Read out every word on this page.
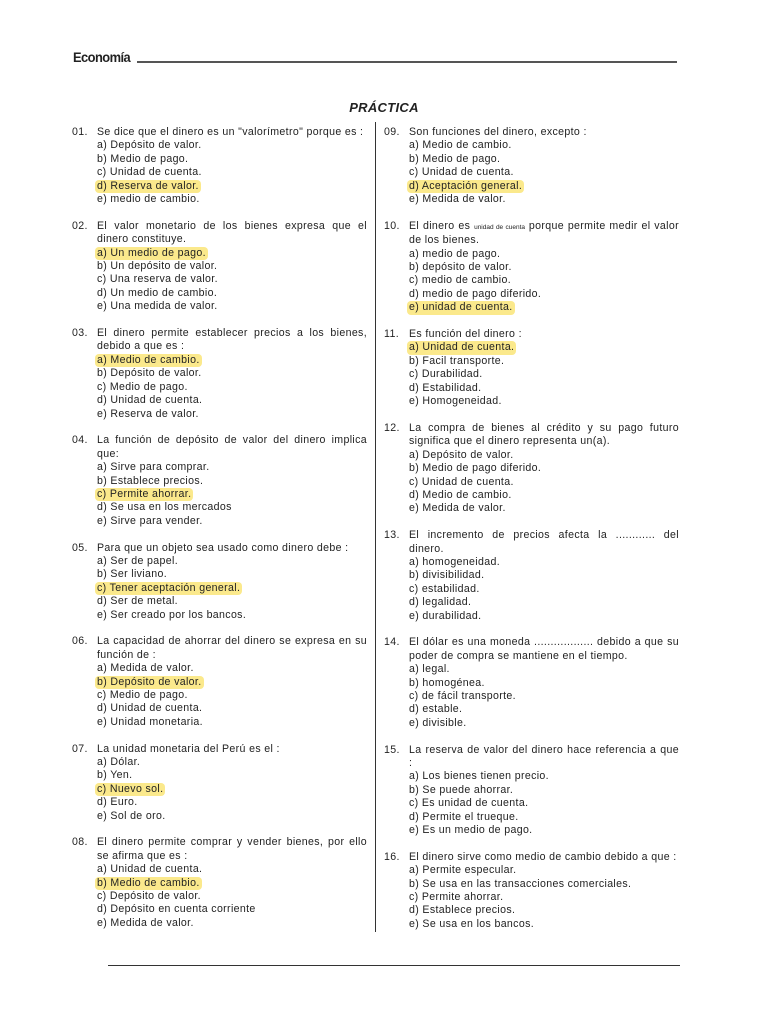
Economía
PRÁCTICA
01. Se dice que el dinero es un "valorímetro" porque es :
a) Depósito de valor.
b) Medio de pago.
c) Unidad de cuenta.
d) Reserva de valor.
e) medio de cambio.
02. El valor monetario de los bienes expresa que el dinero constituye.
a) Un medio de pago.
b) Un depósito de valor.
c) Una reserva de valor.
d) Un medio de cambio.
e) Una medida de valor.
03. El dinero permite establecer precios a los bienes, debido a que es :
a) Medio de cambio.
b) Depósito de valor.
c) Medio de pago.
d) Unidad de cuenta.
e) Reserva de valor.
04. La función de depósito de valor del dinero implica que:
a) Sirve para comprar.
b) Establece precios.
c) Permite ahorrar.
d) Se usa en los mercados
e) Sirve para vender.
05. Para que un objeto sea usado como dinero debe :
a) Ser de papel.
b) Ser liviano.
c) Tener aceptación general.
d) Ser de metal.
e) Ser creado por los bancos.
06. La capacidad de ahorrar del dinero se expresa en su función de :
a) Medida de valor.
b) Depósito de valor.
c) Medio de pago.
d) Unidad de cuenta.
e) Unidad monetaria.
07. La unidad monetaria del Perú es el :
a) Dólar.
b) Yen.
c) Nuevo sol.
d) Euro.
e) Sol de oro.
08. El dinero permite comprar y vender bienes, por ello se afirma que es :
a) Unidad de cuenta.
b) Medio de cambio.
c) Depósito de valor.
d) Depósito en cuenta corriente
e) Medida de valor.
09. Son funciones del dinero, excepto :
a) Medio de cambio.
b) Medio de pago.
c) Unidad de cuenta.
d) Aceptación general.
e) Medida de valor.
10. El dinero es unidad de cuenta porque permite medir el valor de los bienes.
a) medio de pago.
b) depósito de valor.
c) medio de cambio.
d) medio de pago diferido.
e) unidad de cuenta.
11. Es función del dinero :
a) Unidad de cuenta.
b) Facil transporte.
c) Durabilidad.
d) Estabilidad.
e) Homogeneidad.
12. La compra de bienes al crédito y su pago futuro significa que el dinero representa un(a).
a) Depósito de valor.
b) Medio de pago diferido.
c) Unidad de cuenta.
d) Medio de cambio.
e) Medida de valor.
13. El incremento de precios afecta la ............ del dinero.
a) homogeneidad.
b) divisibilidad.
c) estabilidad.
d) legalidad.
e) durabilidad.
14. El dólar es una moneda .................. debido a que su poder de compra se mantiene en el tiempo.
a) legal.
b) homogénea.
c) de fácil transporte.
d) estable.
e) divisible.
15. La reserva de valor del dinero hace referencia a que :
a) Los bienes tienen precio.
b) Se puede ahorrar.
c) Es unidad de cuenta.
d) Permite el trueque.
e) Es un medio de pago.
16. El dinero sirve como medio de cambio debido a que :
a) Permite especular.
b) Se usa en las transacciones comerciales.
c) Permite ahorrar.
d) Establece precios.
e) Se usa en los bancos.
